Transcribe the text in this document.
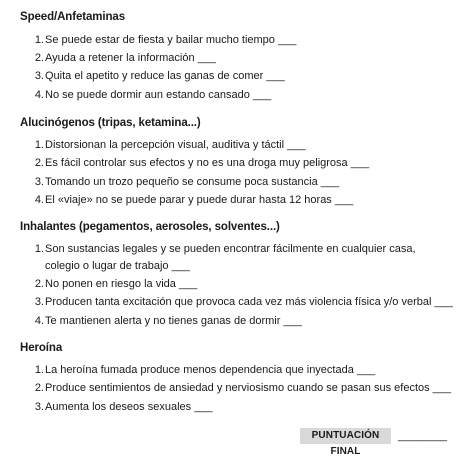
Speed/Anfetaminas
1. Se puede estar de fiesta y bailar mucho tiempo ___
2. Ayuda a retener la información ___
3. Quita el apetito y reduce las ganas de comer ___
4. No se puede dormir aun estando cansado ___
Alucinógenos (tripas, ketamina...)
1. Distorsionan la percepción visual, auditiva y táctil ___
2. Es fácil controlar sus efectos y no es una droga muy peligrosa ___
3. Tomando un trozo pequeño se consume poca sustancia ___
4. El «viaje» no se puede parar y puede durar hasta 12 horas ___
Inhalantes (pegamentos, aerosoles, solventes...)
1. Son sustancias legales y se pueden encontrar fácilmente en cualquier casa, colegio o lugar de trabajo ___
2. No ponen en riesgo la vida ___
3. Producen tanta excitación que provoca cada vez más violencia física y/o verbal ___
4. Te mantienen alerta y no tienes ganas de dormir ___
Heroína
1. La heroína fumada produce menos dependencia que inyectada ___
2. Produce sentimientos de ansiedad y nerviosismo cuando se pasan sus efectos ___
3. Aumenta los deseos sexuales ___
PUNTUACIÓN FINAL
________
